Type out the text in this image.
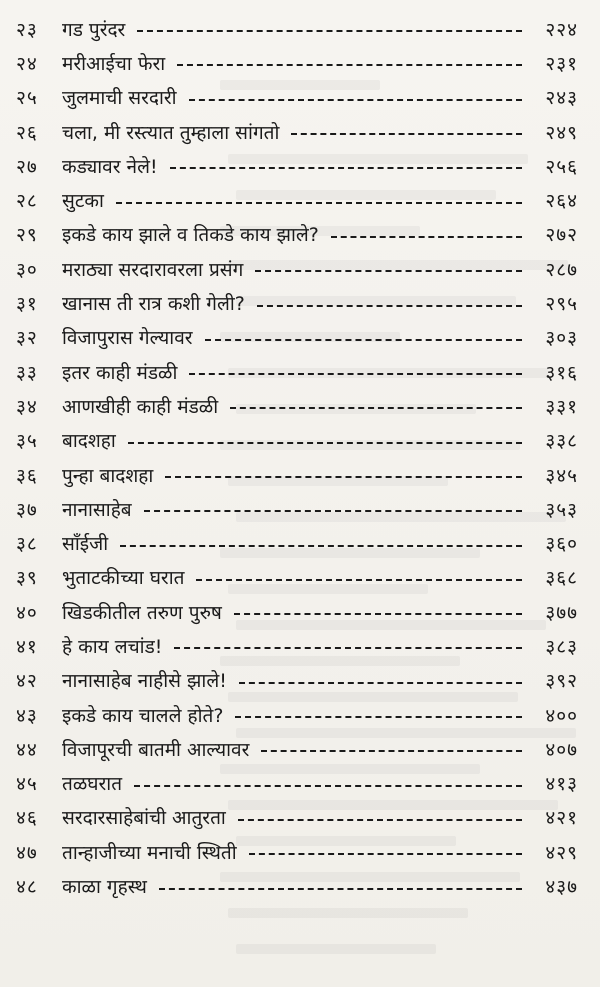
२३	गड पुरंदर	२२४
२४	मरीआईचा फेरा	२३१
२५	जुलमाची सरदारी	२४३
२६	चला, मी रस्त्यात तुम्हाला सांगतो	२४९
२७	कड्यावर नेले!	२५६
२८	सुटका	२६४
२९	इकडे काय झाले व तिकडे काय झाले?	२७२
३०	मराठ्या सरदारावरला प्रसंग	२८७
३१	खानास ती रात्र कशी गेली?	२९५
३२	विजापुरास गेल्यावर	३०३
३३	इतर काही मंडळी	३१६
३४	आणखीही काही मंडळी	३३१
३५	बादशहा	३३८
३६	पुन्हा बादशहा	३४५
३७	नानासाहेब	३५३
३८	साँईजी	३६०
३९	भुताटकीच्या घरात	३६८
४०	खिडकीतील तरुण पुरुष	३७७
४१	हे काय लचांड!	३८३
४२	नानासाहेब नाहीसे झाले!	३९२
४३	इकडे काय चालले होते?	४००
४४	विजापूरची बातमी आल्यावर	४०७
४५	तळघरात	४१३
४६	सरदारसाहेबांची आतुरता	४२१
४७	तान्हाजीच्या मनाची स्थिती	४२९
४८	काळा गृहस्थ	४३७
